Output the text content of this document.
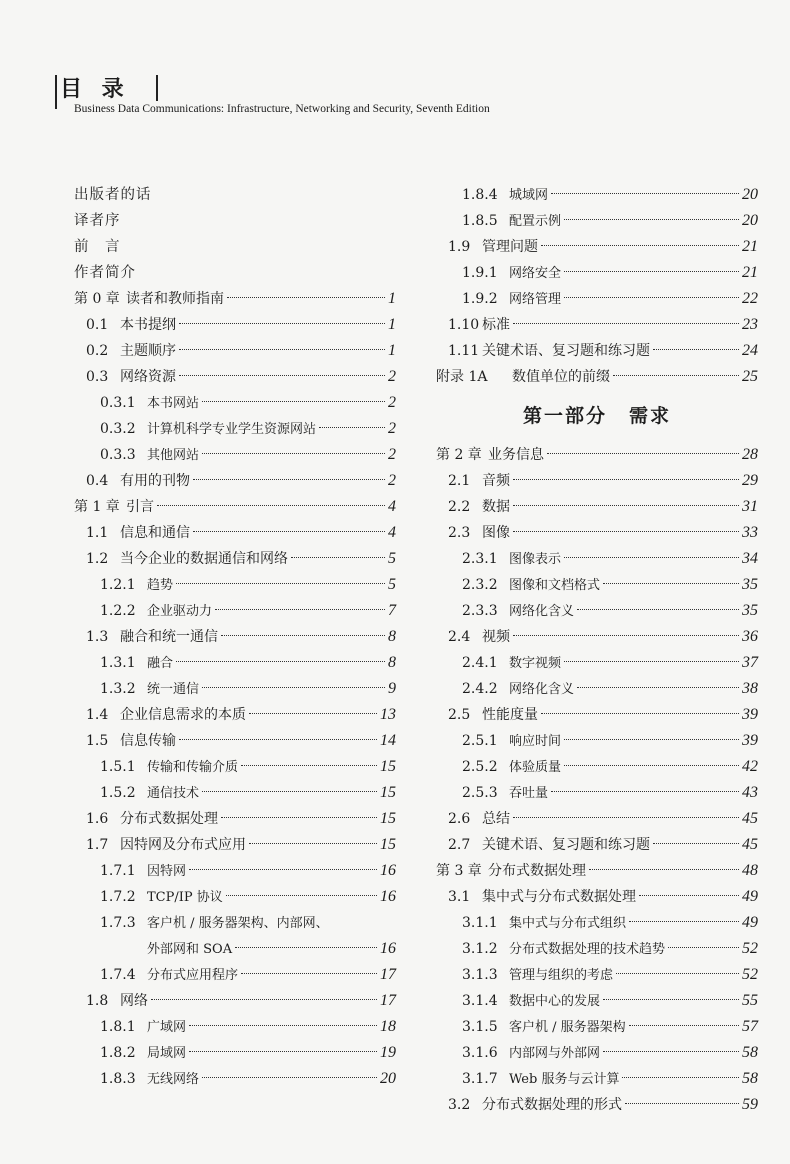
目 录
Business Data Communications: Infrastructure, Networking and Security, Seventh Edition
出版者的话
译者序
前　言
作者简介
第 0 章 读者和教师指南	1
0.1 本书提纲	1
0.2 主题顺序	1
0.3 网络资源	2
0.3.1 本书网站	2
0.3.2 计算机科学专业学生资源网站	2
0.3.3 其他网站	2
0.4 有用的刊物	2
第 1 章 引言	4
1.1 信息和通信	4
1.2 当今企业的数据通信和网络	5
1.2.1 趋势	5
1.2.2 企业驱动力	7
1.3 融合和统一通信	8
1.3.1 融合	8
1.3.2 统一通信	9
1.4 企业信息需求的本质	13
1.5 信息传输	14
1.5.1 传输和传输介质	15
1.5.2 通信技术	15
1.6 分布式数据处理	15
1.7 因特网及分布式应用	15
1.7.1 因特网	16
1.7.2 TCP/IP 协议	16
1.7.3 客户机 / 服务器架构、内部网、
外部网和 SOA	16
1.7.4 分布式应用程序	17
1.8 网络	17
1.8.1 广域网	18
1.8.2 局域网	19
1.8.3 无线网络	20
1.8.4 城域网	20
1.8.5 配置示例	20
1.9 管理问题	21
1.9.1 网络安全	21
1.9.2 网络管理	22
1.10 标准	23
1.11 关键术语、复习题和练习题	24
附录 1A	数值单位的前缀	25
第一部分 需求
第 2 章 业务信息	28
2.1 音频	29
2.2 数据	31
2.3 图像	33
2.3.1 图像表示	34
2.3.2 图像和文档格式	35
2.3.3 网络化含义	35
2.4 视频	36
2.4.1 数字视频	37
2.4.2 网络化含义	38
2.5 性能度量	39
2.5.1 响应时间	39
2.5.2 体验质量	42
2.5.3 吞吐量	43
2.6 总结	45
2.7 关键术语、复习题和练习题	45
第 3 章 分布式数据处理	48
3.1 集中式与分布式数据处理	49
3.1.1 集中式与分布式组织	49
3.1.2 分布式数据处理的技术趋势	52
3.1.3 管理与组织的考虑	52
3.1.4 数据中心的发展	55
3.1.5 客户机 / 服务器架构	57
3.1.6 内部网与外部网	58
3.1.7 Web 服务与云计算	58
3.2 分布式数据处理的形式	59
